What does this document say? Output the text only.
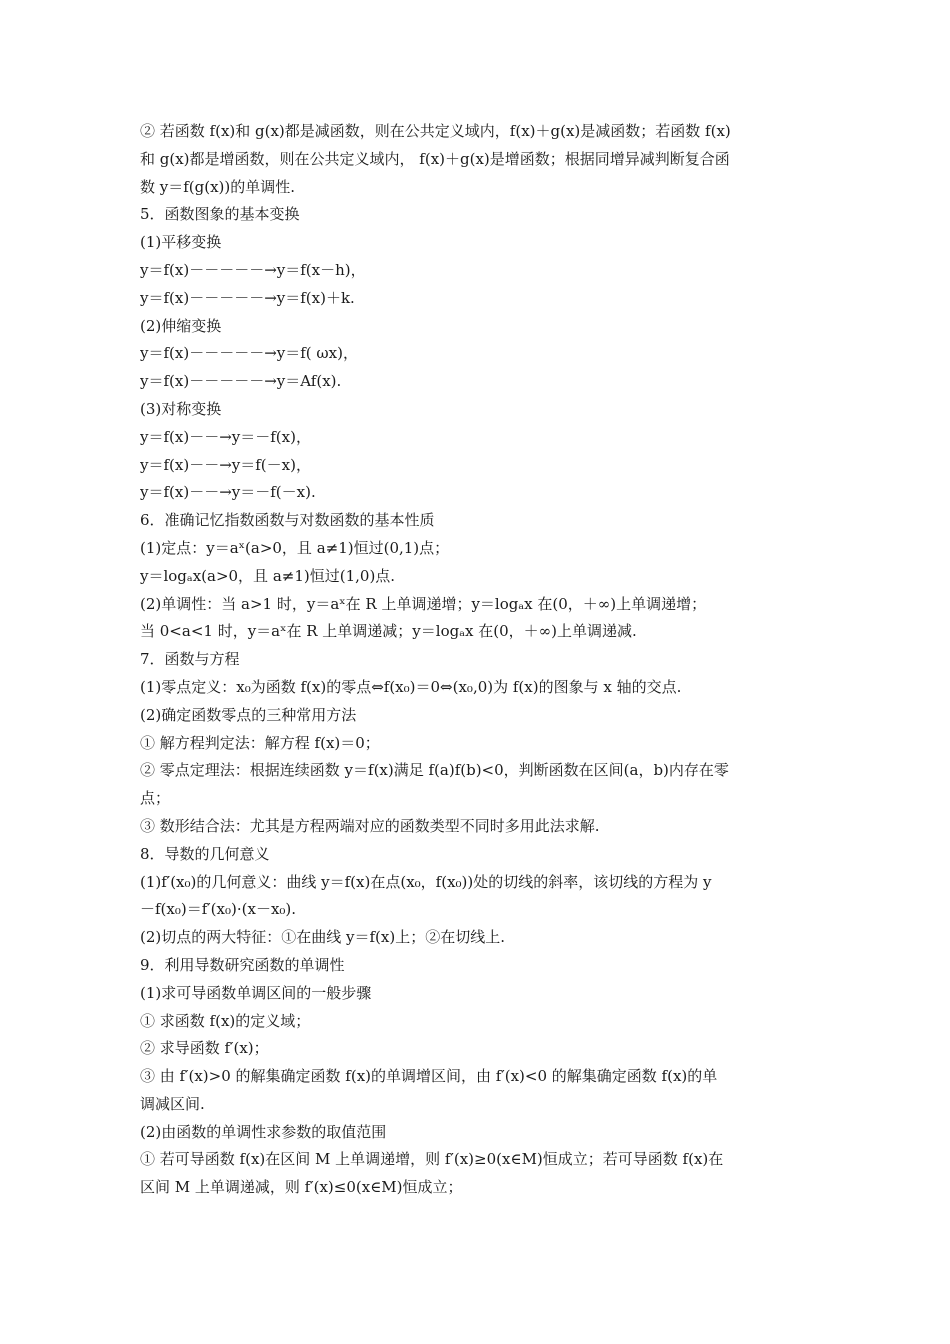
② 若函数 f(x)和 g(x)都是减函数，则在公共定义域内，f(x)＋g(x)是减函数；若函数 f(x)
和 g(x)都是增函数，则在公共定义域内， f(x)＋g(x)是增函数；根据同增异减判断复合函
数 y＝f(g(x))的单调性.
5．函数图象的基本变换
(1)平移变换
y＝f(x)－－－－－→y＝f(x－h)，
y＝f(x)－－－－－→y＝f(x)＋k.
(2)伸缩变换
y＝f(x)－－－－－→y＝f( ωx)，
y＝f(x)－－－－－→y＝Af(x).
(3)对称变换
y＝f(x)－－→y＝－f(x)，
y＝f(x)－－→y＝f(－x)，
y＝f(x)－－→y＝－f(－x).
6．准确记忆指数函数与对数函数的基本性质
(1)定点：y＝aˣ(a>0，且 a≠1)恒过(0,1)点；
y＝logₐx(a>0，且 a≠1)恒过(1,0)点.
(2)单调性：当 a>1 时，y＝aˣ在 R 上单调递增；y＝logₐx 在(0，＋∞)上单调递增；
当 0<a<1 时，y＝aˣ在 R 上单调递减；y＝logₐx 在(0，＋∞)上单调递减.
7．函数与方程
(1)零点定义：x₀为函数 f(x)的零点⇔f(x₀)＝0⇔(x₀,0)为 f(x)的图象与 x 轴的交点.
(2)确定函数零点的三种常用方法
① 解方程判定法：解方程 f(x)＝0；
② 零点定理法：根据连续函数 y＝f(x)满足 f(a)f(b)<0，判断函数在区间(a，b)内存在零
点；
③ 数形结合法：尤其是方程两端对应的函数类型不同时多用此法求解.
8．导数的几何意义
(1)f′(x₀)的几何意义：曲线 y＝f(x)在点(x₀，f(x₀))处的切线的斜率，该切线的方程为 y
－f(x₀)＝f′(x₀)·(x－x₀).
(2)切点的两大特征：①在曲线 y＝f(x)上；②在切线上.
9．利用导数研究函数的单调性
(1)求可导函数单调区间的一般步骤
① 求函数 f(x)的定义域；
② 求导函数 f′(x)；
③ 由 f′(x)>0 的解集确定函数 f(x)的单调增区间，由 f′(x)<0 的解集确定函数 f(x)的单
调减区间.
(2)由函数的单调性求参数的取值范围
① 若可导函数 f(x)在区间 M 上单调递增，则 f′(x)≥0(x∈M)恒成立；若可导函数 f(x)在
区间 M 上单调递减，则 f′(x)≤0(x∈M)恒成立；
